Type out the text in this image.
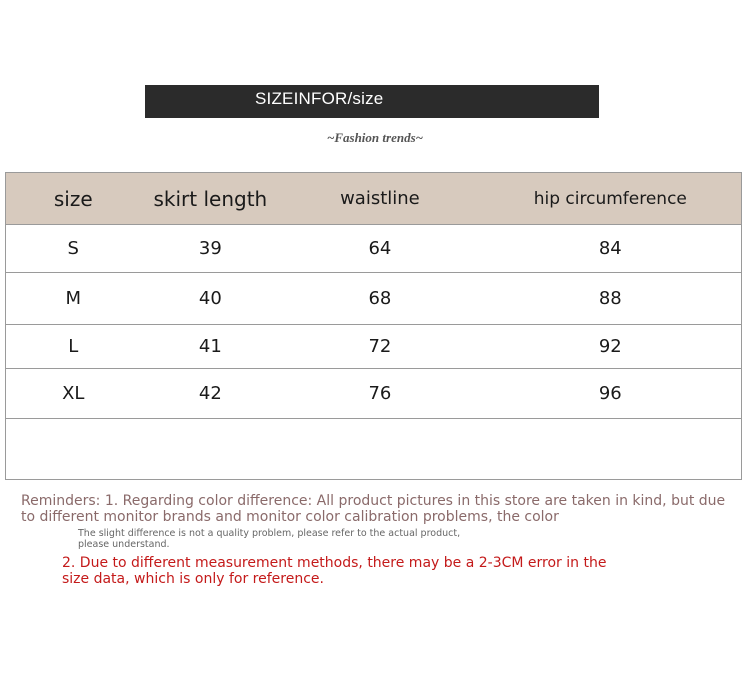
SIZEINFOR/size
~Fashion trends~
size	skirt length	waistline	hip circumference
S	39	64	84
M	40	68	88
L	41	72	92
XL	42	76	96

Reminders: 1. Regarding color difference: All product pictures in this store are taken in kind, but due to different monitor brands and monitor color calibration problems, the color
The slight difference is not a quality problem, please refer to the actual product, please understand.
2. Due to different measurement methods, there may be a 2-3CM error in the size data, which is only for reference.
